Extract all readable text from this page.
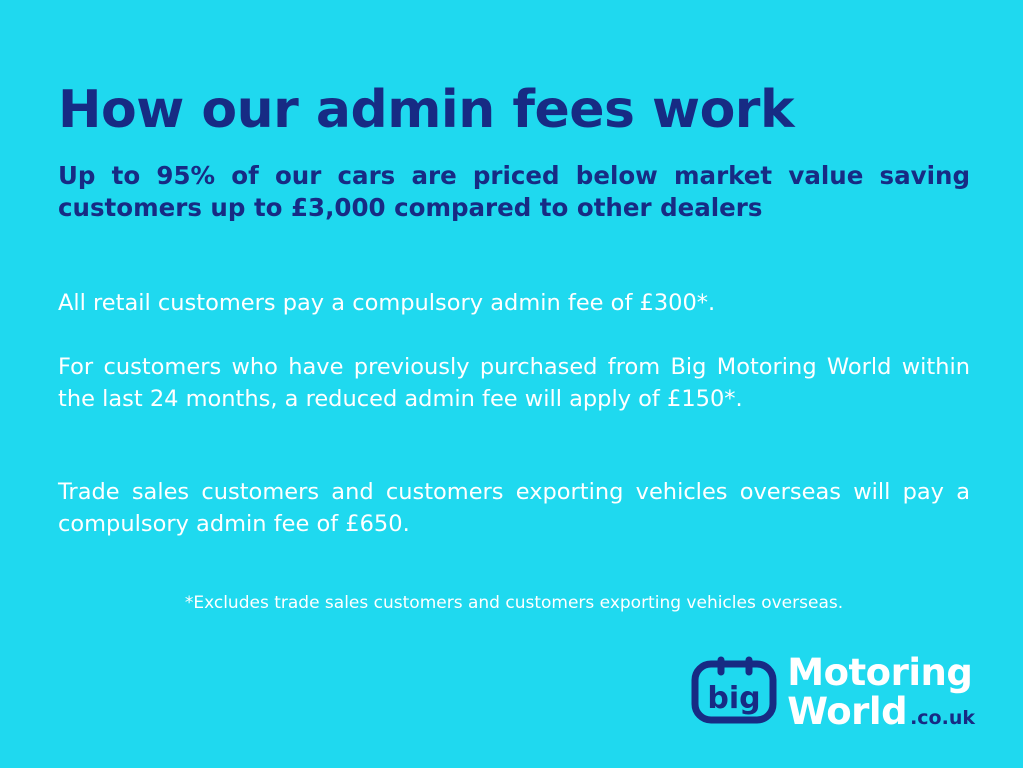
How our admin fees work
Up to 95% of our cars are priced below market value saving customers up to £3,000 compared to other dealers
All retail customers pay a compulsory admin fee of £300*.
For customers who have previously purchased from Big Motoring World within the last 24 months, a reduced admin fee will apply of £150*.
Trade sales customers and customers exporting vehicles overseas will pay a compulsory admin fee of £650.
*Excludes trade sales customers and customers exporting vehicles overseas.
big
Motoring
World .co.uk
